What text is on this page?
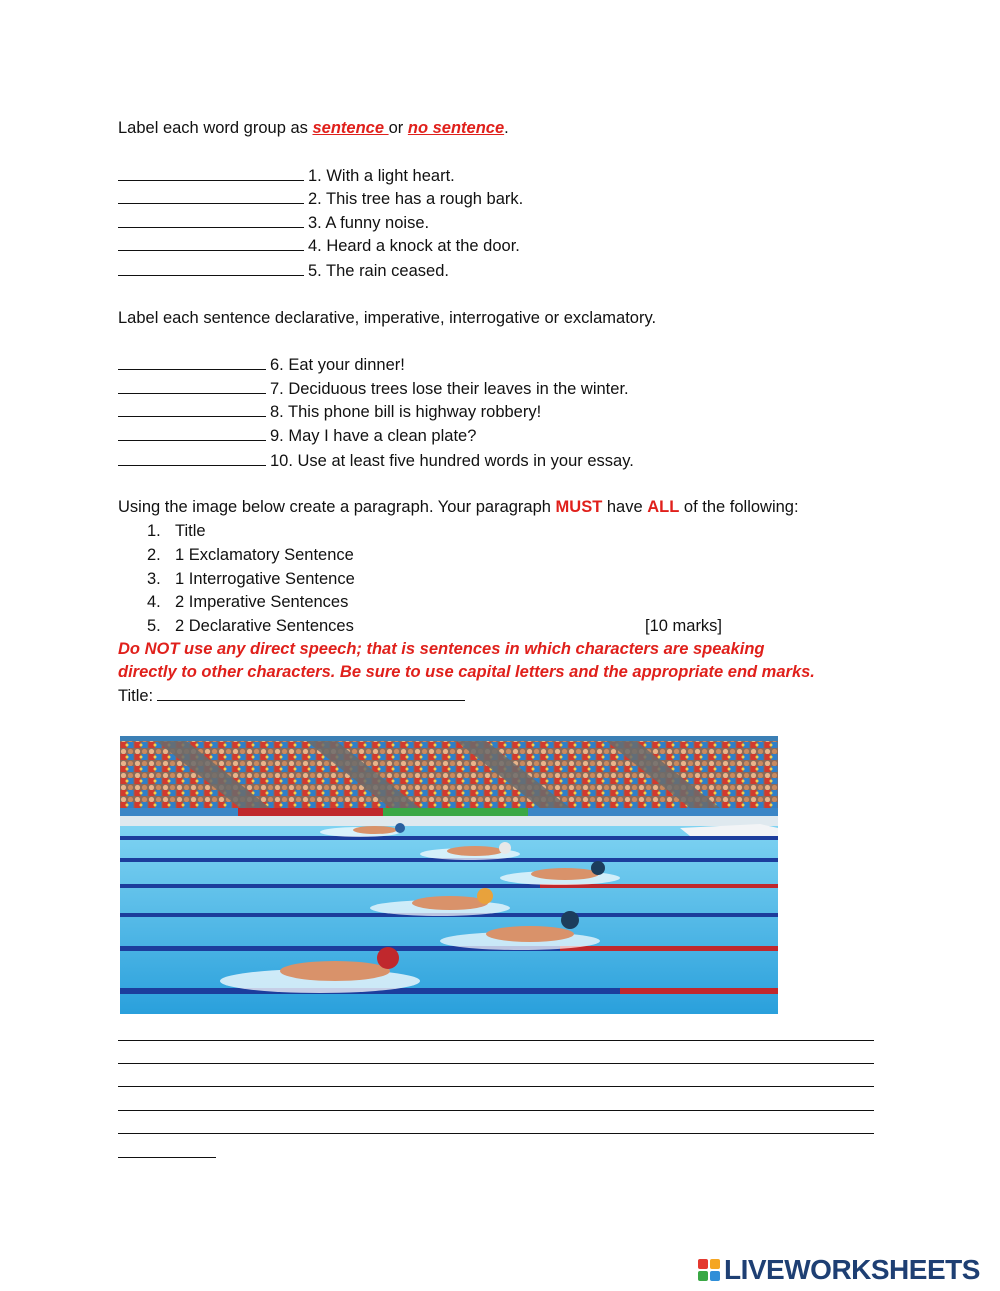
Label each word group as sentence or no sentence.
1. With a light heart.
2. This tree has a rough bark.
3. A funny noise.
4. Heard a knock at the door.
5. The rain ceased.
Label each sentence declarative, imperative, interrogative or exclamatory.
6. Eat your dinner!
7. Deciduous trees lose their leaves in the winter.
8. This phone bill is highway robbery!
9. May I have a clean plate?
10. Use at least five hundred words in your essay.
Using the image below create a paragraph. Your paragraph MUST have ALL of the following:
1. Title
2. 1 Exclamatory Sentence
3. 1 Interrogative Sentence
4. 2 Imperative Sentences
5. 2 Declarative Sentences	[10 marks]
Do NOT use any direct speech; that is sentences in which characters are speaking
directly to other characters. Be sure to use capital letters and the appropriate end marks.
Title:
LIVEWORKSHEETS
